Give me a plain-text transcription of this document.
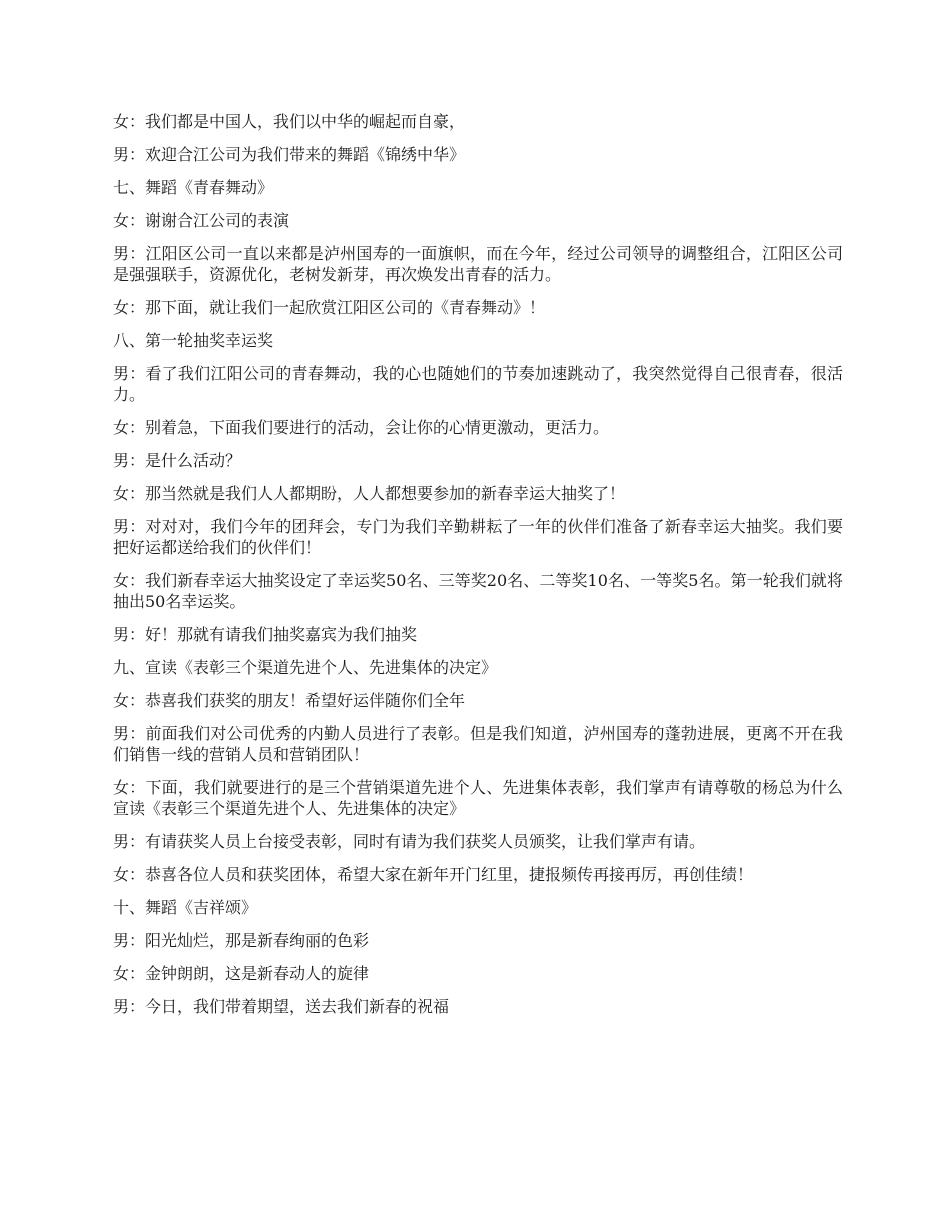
女：我们都是中国人，我们以中华的崛起而自豪，

男：欢迎合江公司为我们带来的舞蹈《锦绣中华》

七、舞蹈《青春舞动》

女：谢谢合江公司的表演

男：江阳区公司一直以来都是泸州国寿的一面旗帜，而在今年，经过公司领导的调整组合，江阳区公司是强强联手，资源优化，老树发新芽，再次焕发出青春的活力。

女：那下面，就让我们一起欣赏江阳区公司的《青春舞动》！

八、第一轮抽奖幸运奖

男：看了我们江阳公司的青春舞动，我的心也随她们的节奏加速跳动了，我突然觉得自己很青春，很活力。

女：别着急，下面我们要进行的活动，会让你的心情更激动，更活力。

男：是什么活动？

女：那当然就是我们人人都期盼，人人都想要参加的新春幸运大抽奖了！

男：对对对，我们今年的团拜会，专门为我们辛勤耕耘了一年的伙伴们准备了新春幸运大抽奖。我们要把好运都送给我们的伙伴们！

女：我们新春幸运大抽奖设定了幸运奖50名、三等奖20名、二等奖10名、一等奖5名。第一轮我们就将抽出50名幸运奖。

男：好！那就有请我们抽奖嘉宾为我们抽奖

九、宣读《表彰三个渠道先进个人、先进集体的决定》

女：恭喜我们获奖的朋友！希望好运伴随你们全年

男：前面我们对公司优秀的内勤人员进行了表彰。但是我们知道，泸州国寿的蓬勃进展，更离不开在我们销售一线的营销人员和营销团队！

女：下面，我们就要进行的是三个营销渠道先进个人、先进集体表彰，我们掌声有请尊敬的杨总为什么宣读《表彰三个渠道先进个人、先进集体的决定》

男：有请获奖人员上台接受表彰，同时有请为我们获奖人员颁奖，让我们掌声有请。

女：恭喜各位人员和获奖团体，希望大家在新年开门红里，捷报频传再接再厉，再创佳绩！

十、舞蹈《吉祥颂》

男：阳光灿烂，那是新春绚丽的色彩

女：金钟朗朗，这是新春动人的旋律

男：今日，我们带着期望，送去我们新春的祝福
